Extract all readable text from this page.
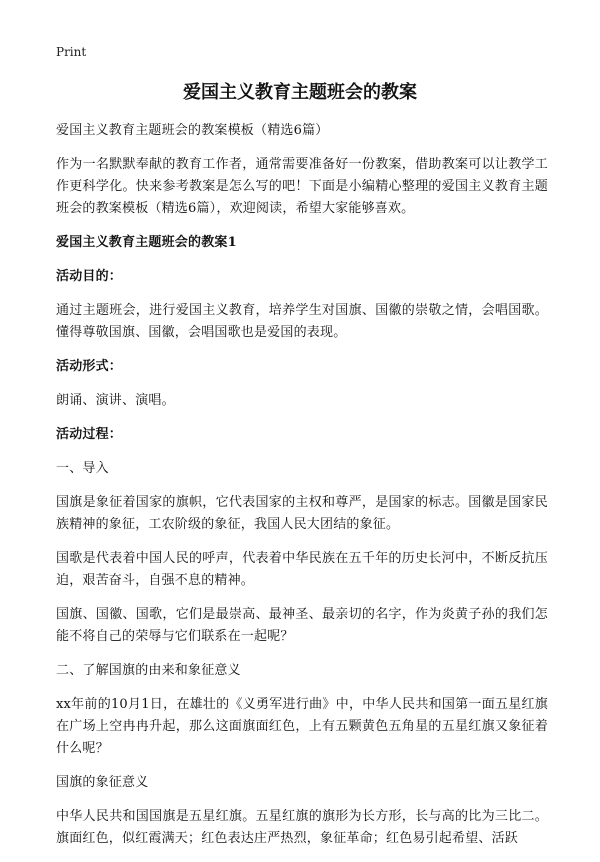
Print
爱国主义教育主题班会的教案

爱国主义教育主题班会的教案模板（精选6篇）

作为一名默默奉献的教育工作者，通常需要准备好一份教案，借助教案可以让教学工作更科学化。快来参考教案是怎么写的吧！下面是小编精心整理的爱国主义教育主题班会的教案模板（精选6篇），欢迎阅读，希望大家能够喜欢。

爱国主义教育主题班会的教案1

活动目的：

通过主题班会，进行爱国主义教育，培养学生对国旗、国徽的崇敬之情，会唱国歌。懂得尊敬国旗、国徽，会唱国歌也是爱国的表现。

活动形式：

朗诵、演讲、演唱。

活动过程：

一、导入

国旗是象征着国家的旗帜，它代表国家的主权和尊严，是国家的标志。国徽是国家民族精神的象征，工农阶级的象征，我国人民大团结的象征。

国歌是代表着中国人民的呼声，代表着中华民族在五千年的历史长河中，不断反抗压迫，艰苦奋斗，自强不息的精神。

国旗、国徽、国歌，它们是最崇高、最神圣、最亲切的名字，作为炎黄子孙的我们怎能不将自己的荣辱与它们联系在一起呢？

二、了解国旗的由来和象征意义

xx年前的10月1日，在雄壮的《义勇军进行曲》中，中华人民共和国第一面五星红旗在广场上空冉冉升起，那么这面旗面红色，上有五颗黄色五角星的五星红旗又象征着什么呢？

国旗的象征意义

中华人民共和国国旗是五星红旗。五星红旗的旗形为长方形，长与高的比为三比二。旗面红色，似红霞满天；红色表达庄严热烈，象征革命；红色易引起希望、活跃
